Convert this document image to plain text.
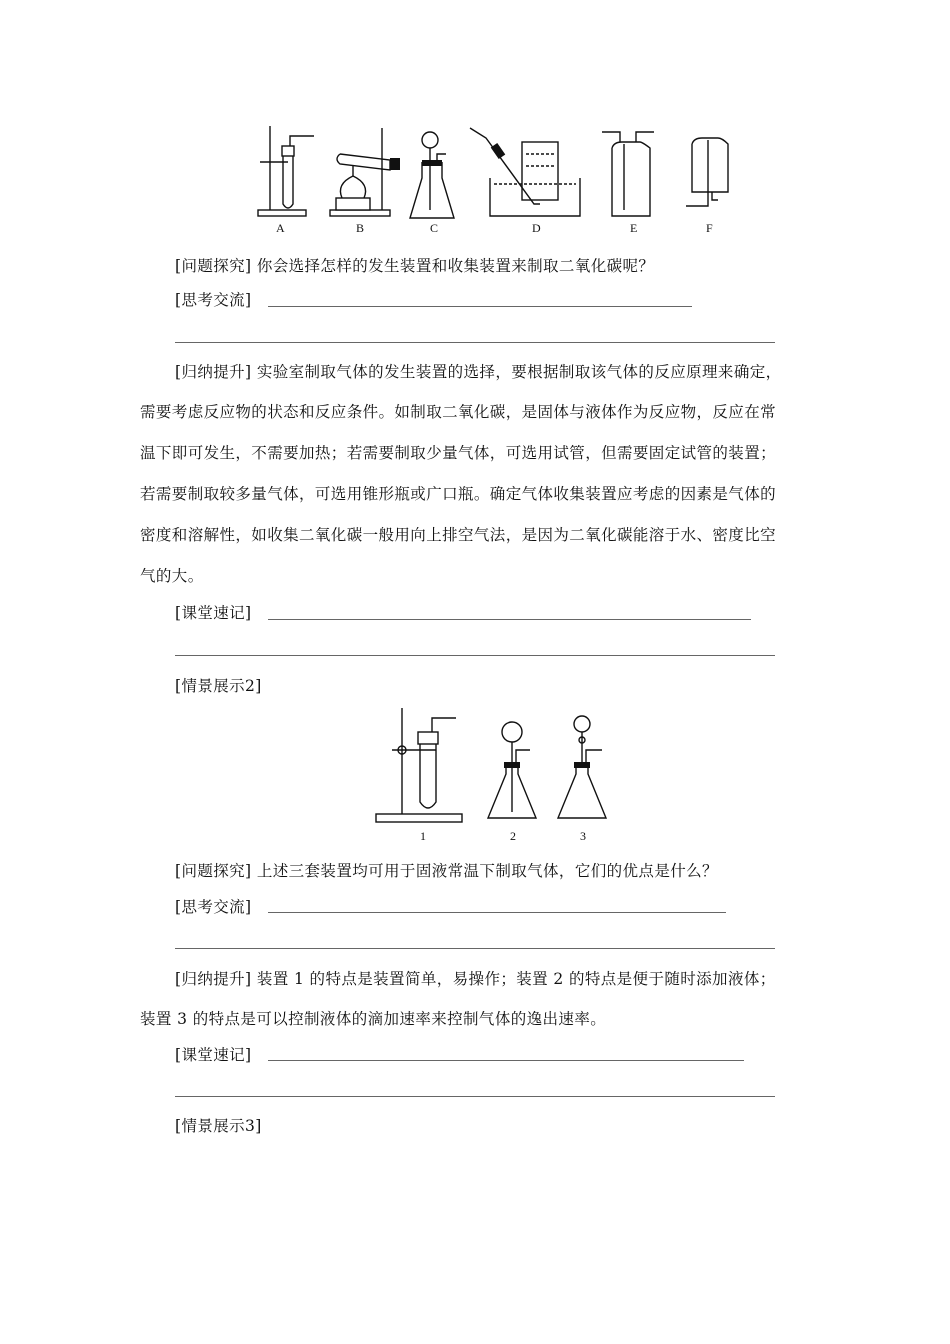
A	B	C	D	E	F
[问题探究] 你会选择怎样的发生装置和收集装置来制取二氧化碳呢？
[思考交流]
[归纳提升] 实验室制取气体的发生装置的选择，要根据制取该气体的反应原理来确定，
需要考虑反应物的状态和反应条件。如制取二氧化碳，是固体与液体作为反应物，反应在常
温下即可发生，不需要加热；若需要制取少量气体，可选用试管，但需要固定试管的装置；
若需要制取较多量气体，可选用锥形瓶或广口瓶。确定气体收集装置应考虑的因素是气体的
密度和溶解性，如收集二氧化碳一般用向上排空气法，是因为二氧化碳能溶于水、密度比空
气的大。
[课堂速记]
[情景展示2]
1	2	3
[问题探究] 上述三套装置均可用于固液常温下制取气体，它们的优点是什么？
[思考交流]
[归纳提升] 装置 1 的特点是装置简单，易操作；装置 2 的特点是便于随时添加液体；
装置 3 的特点是可以控制液体的滴加速率来控制气体的逸出速率。
[课堂速记]
[情景展示3]
